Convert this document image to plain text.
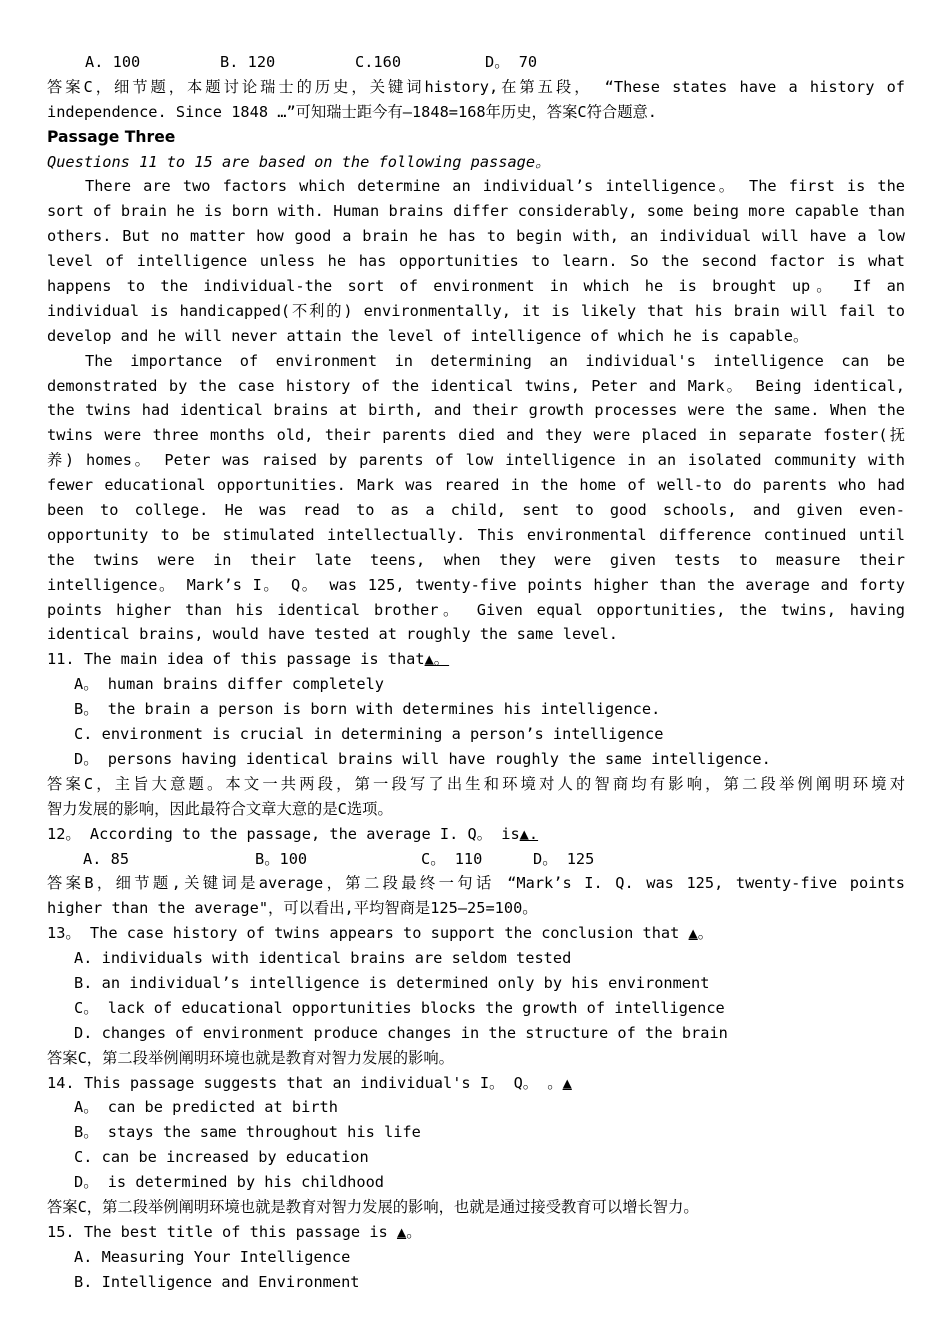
A. 100	B. 120	C.160	D。 70
答案C，细节题，本题讨论瑞士的历史，关键词history,在第五段， “These states have a history of
independence. Since 1848 …”可知瑞士距今有—1848=168年历史，答案C符合题意.
Passage Three
Questions 11 to 15 are based on the following passage。
There are two factors which determine an individual’s intelligence。 The first is the
sort of brain he is born with. Human brains differ considerably, some being more capable than
others. But no matter how good a brain he has to begin with, an individual will have a low
level of intelligence unless he has opportunities to learn. So the second factor is what
happens to the individual-the sort of environment in which he is brought up。 If an
individual is handicapped(不利的) environmentally, it is likely that his brain will fail to
develop and he will never attain the level of intelligence of which he is capable。
The importance of environment in determining an individual's intelligence can be
demonstrated by the case history of the identical twins, Peter and Mark。 Being identical,
the twins had identical brains at birth, and their growth processes were the same. When the
twins were three months old, their parents died and they were placed in separate foster(抚
养) homes。 Peter was raised by parents of low intelligence in an isolated community with
fewer educational opportunities. Mark was reared in the home of well-to do parents who had
been to college. He was read to as a child, sent to good schools, and given even-
opportunity to be stimulated intellectually. This environmental difference continued until
the twins were in their late teens, when they were given tests to measure their
intelligence。 Mark’s I。 Q。 was 125, twenty-five points higher than the average and forty
points higher than his identical brother。 Given equal opportunities, the twins, having
identical brains, would have tested at roughly the same level.
11. The main idea of this passage is that▲。
A。 human brains differ completely
B。 the brain a person is born with determines his intelligence.
C. environment is crucial in determining a person’s intelligence
D。 persons having identical brains will have roughly the same intelligence.
答案C，主旨大意题。本文一共两段，第一段写了出生和环境对人的智商均有影响，第二段举例阐明环境对
智力发展的影响，因此最符合文章大意的是C选项。
12。 According to the passage, the average I. Q。 is▲.
A. 85	B。100	C。 110	D。 125
答案B，细节题,关键词是average，第二段最终一句话 “Mark’s I. Q. was 125, twenty-five points
higher than the average"，可以看出,平均智商是125—25=100。
13。 The case history of twins appears to support the conclusion that ▲。
A. individuals with identical brains are seldom tested
B. an individual’s intelligence is determined only by his environment
C。 lack of educational opportunities blocks the growth of intelligence
D. changes of environment produce changes in the structure of the brain
答案C，第二段举例阐明环境也就是教育对智力发展的影响。
14. This passage suggests that an individual's I。 Q。 。▲
A。 can be predicted at birth
B。 stays the same throughout his life
C. can be increased by education
D。 is determined by his childhood
答案C，第二段举例阐明环境也就是教育对智力发展的影响，也就是通过接受教育可以增长智力。
15. The best title of this passage is ▲。
A. Measuring Your Intelligence
B. Intelligence and Environment
